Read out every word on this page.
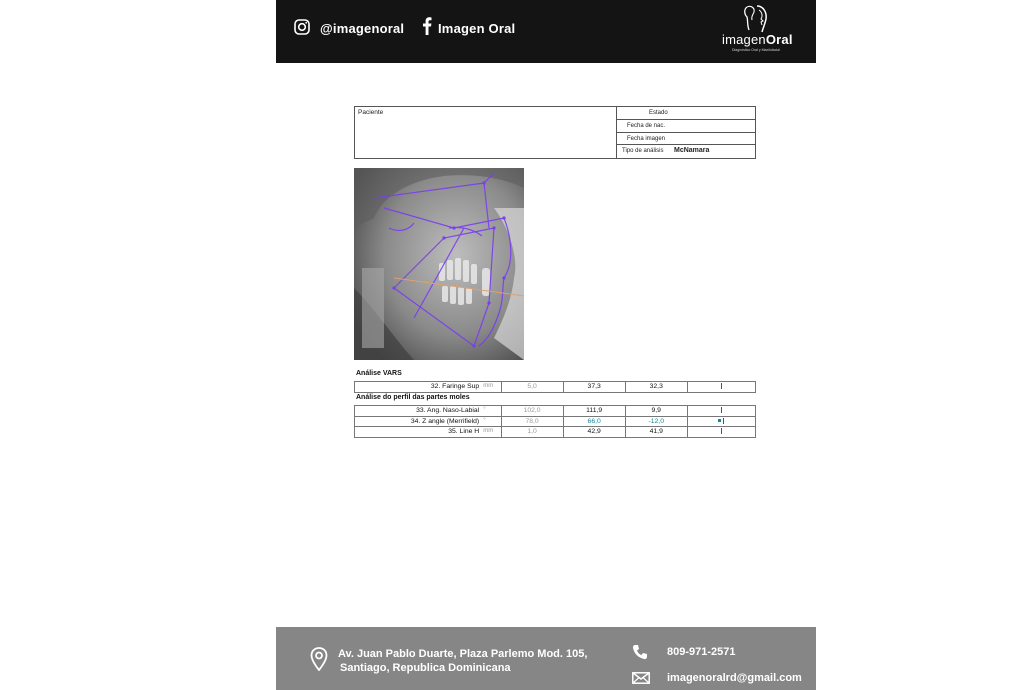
@imagenoral	Imagen Oral
imagenOral
Diagnóstico Oral y Maxilofacial
Paciente	Estado
Fecha de nac.
Fecha imagen
Tipo de análisis McNamara
Análise VARS
32. Faringe Sup	mm	5,0	37,3	32,3	
Análise do perfil das partes moles
33. Ang. Naso-Labial	°	102,0	111,9	9,9	
34. Z angle (Merrifield)	°	78,0	66,0	-12,0	
35. Line H	mm	1,0	42,9	41,9	
Av. Juan Pablo Duarte, Plaza Parlemo Mod. 105,
Santiago, Republica Dominicana
809-971-2571
imagenoralrd@gmail.com
